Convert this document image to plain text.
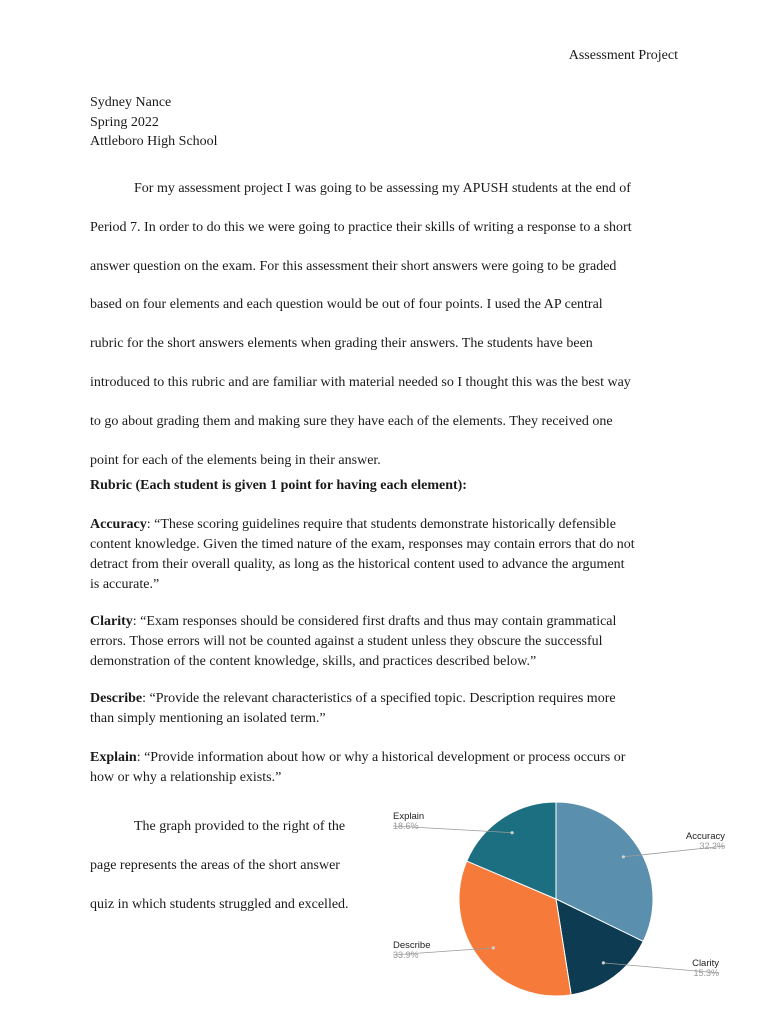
Assessment Project
Sydney Nance
Spring 2022
Attleboro High School
For my assessment project I was going to be assessing my APUSH students at the end of
Period 7. In order to do this we were going to practice their skills of writing a response to a short
answer question on the exam. For this assessment their short answers were going to be graded
based on four elements and each question would be out of four points. I used the AP central
rubric for the short answers elements when grading their answers. The students have been
introduced to this rubric and are familiar with material needed so I thought this was the best way
to go about grading them and making sure they have each of the elements. They received one
point for each of the elements being in their answer.
Rubric (Each student is given 1 point for having each element):
Accuracy: “These scoring guidelines require that students demonstrate historically defensible
content knowledge. Given the timed nature of the exam, responses may contain errors that do not
detract from their overall quality, as long as the historical content used to advance the argument
is accurate.”
Clarity: “Exam responses should be considered first drafts and thus may contain grammatical
errors. Those errors will not be counted against a student unless they obscure the successful
demonstration of the content knowledge, skills, and practices described below.”
Describe: “Provide the relevant characteristics of a specified topic. Description requires more
than simply mentioning an isolated term.”
Explain: “Provide information about how or why a historical development or process occurs or
how or why a relationship exists.”
The graph provided to the right of the
page represents the areas of the short answer
quiz in which students struggled and excelled.
Accuracy
32.2%
Clarity
15.3%
Describe
33.9%
Explain
18.6%
